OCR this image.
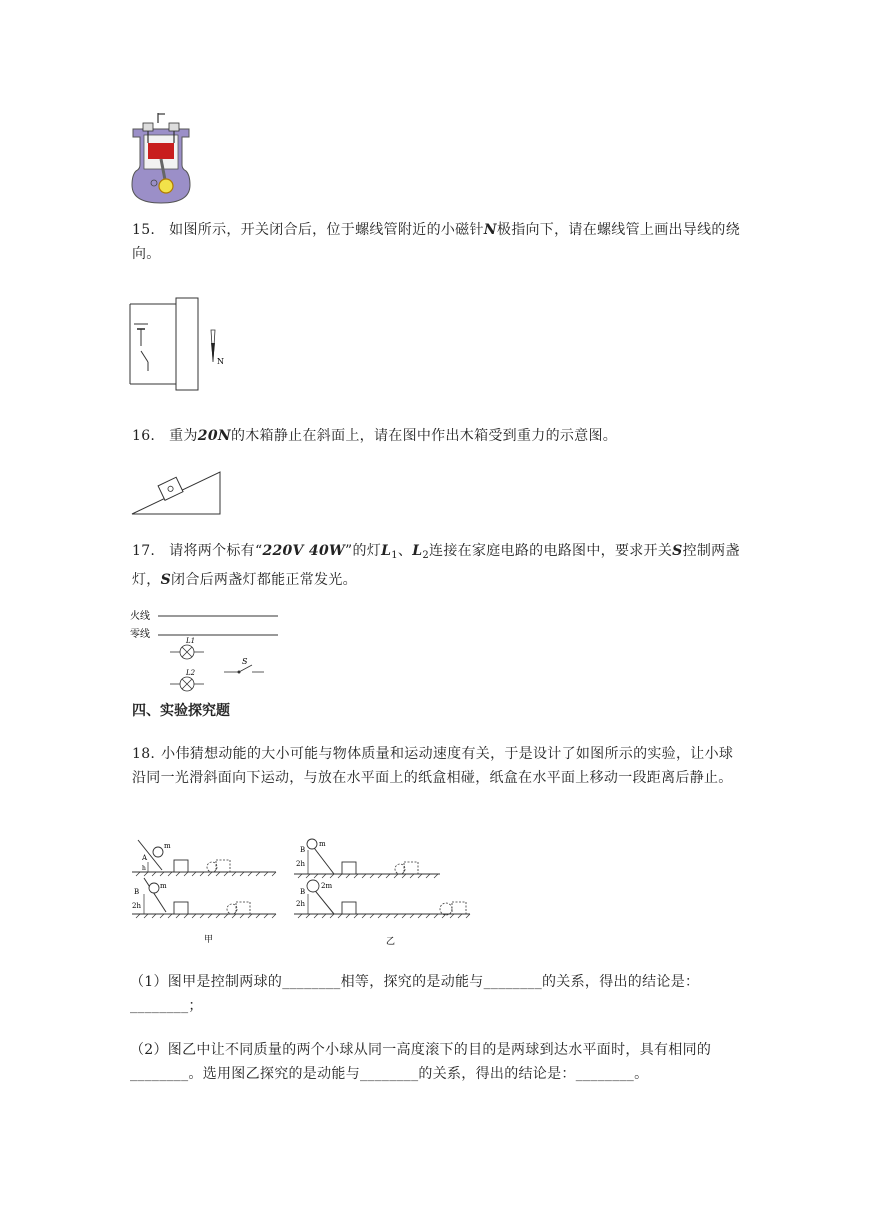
15. 如图所示，开关闭合后，位于螺线管附近的小磁针N极指向下，请在螺线管上画出导线的绕向。
N
16. 重为20N的木箱静止在斜面上，请在图中作出木箱受到重力的示意图。
17. 请将两个标有“220V 40W”的灯$L_1$、$L_2$连接在家庭电路的电路图中，要求开关S控制两盏灯，S闭合后两盏灯都能正常发光。
火线
零线
L1
L2
S
四、实验探究题
18. 小伟猜想动能的大小可能与物体质量和运动速度有关，于是设计了如图所示的实验，让小球沿同一光滑斜面向下运动，与放在水平面上的纸盒相碰，纸盒在水平面上移动一段距离后静止。
m
A
h
m
B
2h
m
B
2h
2m
B
2h
甲	乙
（1）图甲是控制两球的________相等，探究的是动能与________的关系，得出的结论是：________；
（2）图乙中让不同质量的两个小球从同一高度滚下的目的是两球到达水平面时，具有相同的________。选用图乙探究的是动能与________的关系，得出的结论是：________。
